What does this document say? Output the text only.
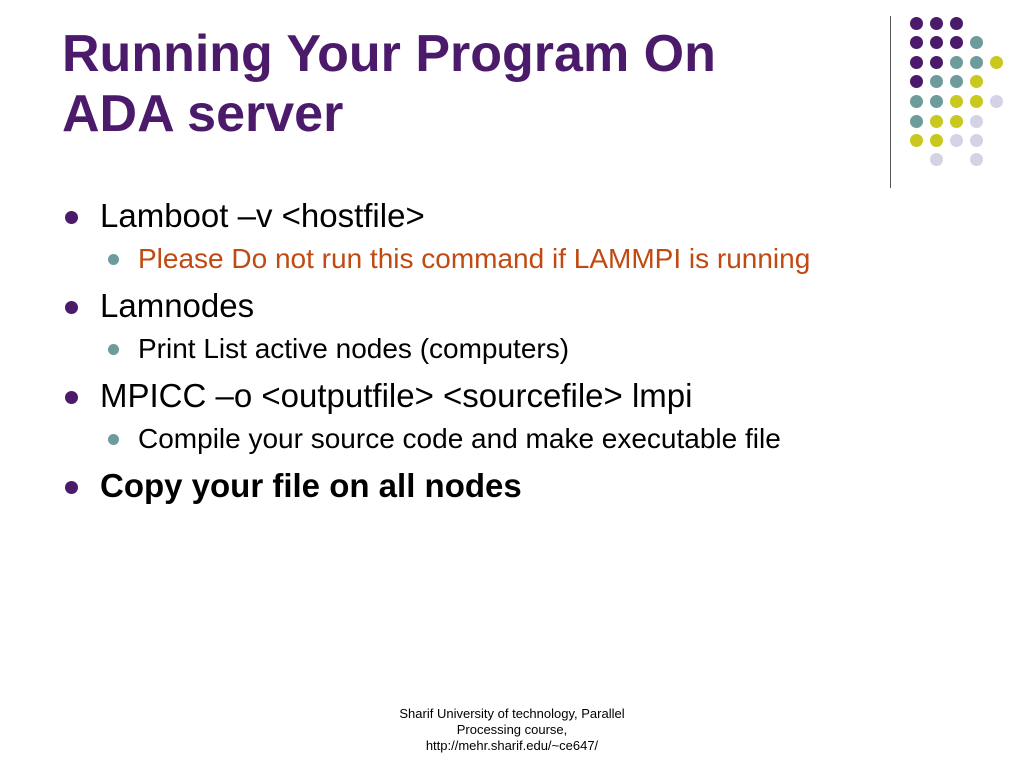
Running Your Program On
ADA server
Lamboot –v <hostfile>
Please Do not run this command if LAMMPI is running
Lamnodes
Print List active nodes (computers)
MPICC –o <outputfile> <sourcefile> lmpi
Compile your source code and make executable file
Copy your file on all nodes
Sharif University of technology, Parallel
Processing course,
http://mehr.sharif.edu/~ce647/
